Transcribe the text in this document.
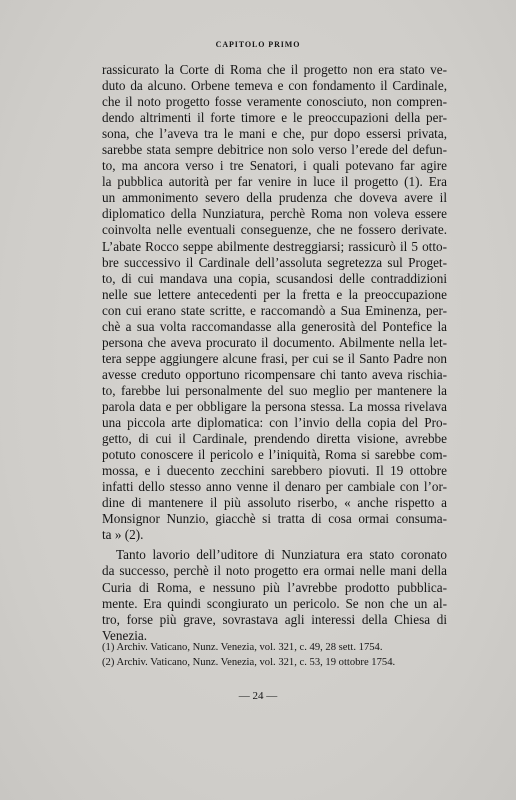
CAPITOLO PRIMO

rassicurato la Corte di Roma che il progetto non era stato ve-
duto da alcuno. Orbene temeva e con fondamento il Cardinale,
che il noto progetto fosse veramente conosciuto, non compren-
dendo altrimenti il forte timore e le preoccupazioni della per-
sona, che l’aveva tra le mani e che, pur dopo essersi privata,
sarebbe stata sempre debitrice non solo verso l’erede del defun-
to, ma ancora verso i tre Senatori, i quali potevano far agire
la pubblica autorità per far venire in luce il progetto (1). Era
un ammonimento severo della prudenza che doveva avere il
diplomatico della Nunziatura, perchè Roma non voleva essere
coinvolta nelle eventuali conseguenze, che ne fossero derivate.
L’abate Rocco seppe abilmente destreggiarsi; rassicurò il 5 otto-
bre successivo il Cardinale dell’assoluta segretezza sul Proget-
to, di cui mandava una copia, scusandosi delle contraddizioni
nelle sue lettere antecedenti per la fretta e la preoccupazione
con cui erano state scritte, e raccomandò a Sua Eminenza, per-
chè a sua volta raccomandasse alla generosità del Pontefice la
persona che aveva procurato il documento. Abilmente nella let-
tera seppe aggiungere alcune frasi, per cui se il Santo Padre non
avesse creduto opportuno ricompensare chi tanto aveva rischia-
to, farebbe lui personalmente del suo meglio per mantenere la
parola data e per obbligare la persona stessa. La mossa rivelava
una piccola arte diplomatica: con l’invio della copia del Pro-
getto, di cui il Cardinale, prendendo diretta visione, avrebbe
potuto conoscere il pericolo e l’iniquità, Roma si sarebbe com-
mossa, e i duecento zecchini sarebbero piovuti. Il 19 ottobre
infatti dello stesso anno venne il denaro per cambiale con l’or-
dine di mantenere il più assoluto riserbo, « anche rispetto a
Monsignor Nunzio, giacchè si tratta di cosa ormai consuma-
ta » (2).

Tanto lavorio dell’uditore di Nunziatura era stato coronato
da successo, perchè il noto progetto era ormai nelle mani della
Curia di Roma, e nessuno più l’avrebbe prodotto pubblica-
mente. Era quindi scongiurato un pericolo. Se non che un al-
tro, forse più grave, sovrastava agli interessi della Chiesa di
Venezia.

(1) Archiv. Vaticano, Nunz. Venezia, vol. 321, c. 49, 28 sett. 1754.
(2) Archiv. Vaticano, Nunz. Venezia, vol. 321, c. 53, 19 ottobre 1754.
— 24 —
